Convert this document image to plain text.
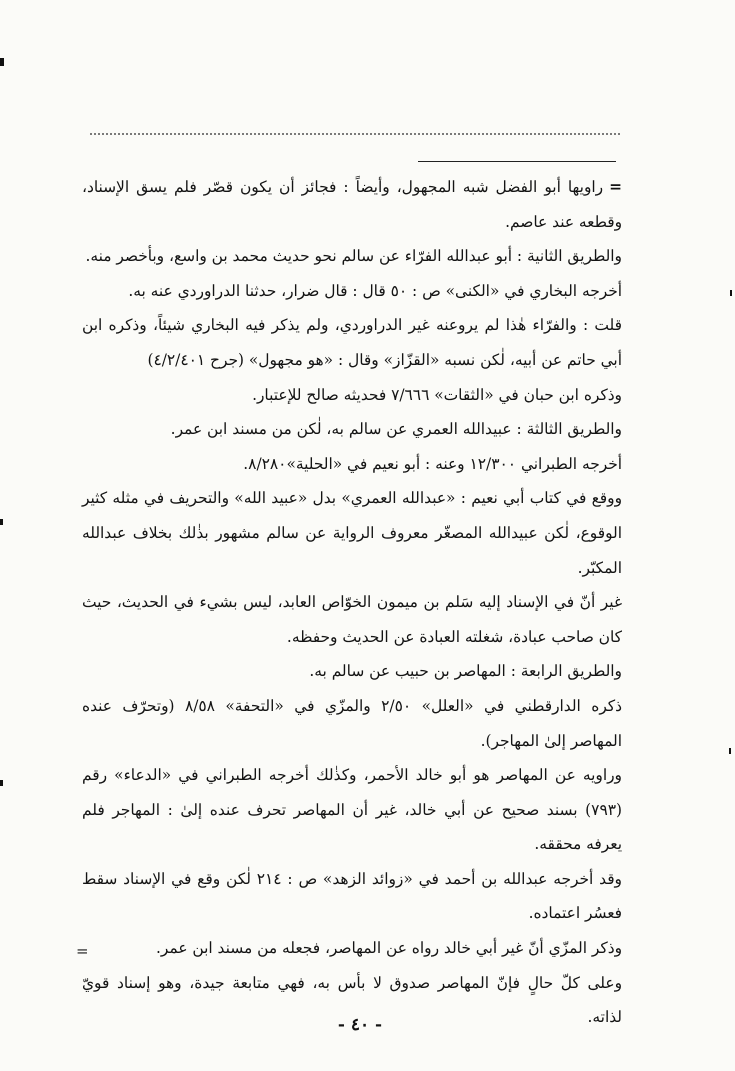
=راويها أبو الفضل شبه المجهول، وأيضاً : فجائز أن يكون قصّر فلم يسق الإسناد، وقطعه عند عاصم.

والطريق الثانية : أبو عبدالله الفرّاء عن سالم نحو حديث محمد بن واسع، وبأخصر منه.

أخرجه البخاري في «الكنى» ص : ٥٠ قال : قال ضرار، حدثنا الدراوردي عنه به.

قلت : والفرّاء هٰذا لم يروعنه غير الدراوردي، ولم يذكر فيه البخاري شيئاً، وذكره ابن أبي حاتم عن أبيه، لٰكن نسبه «القزّاز» وقال : «هو مجهول» (جرح ٤/٢/٤٠١)

وذكره ابن حبان في «الثقات» ٧/٦٦٦ فحديثه صالح للإعتبار.

والطريق الثالثة : عبيدالله العمري عن سالم به، لٰكن من مسند ابن عمر.

أخرجه الطبراني ١٢/٣٠٠ وعنه : أبو نعيم في «الحلية»٨/٢٨٠.

ووقع في كتاب أبي نعيم : «عبدالله العمري» بدل «عبيد الله» والتحريف في مثله كثير الوقوع، لٰكن عبيدالله المصغّر معروف الرواية عن سالم مشهور بذٰلك بخلاف عبدالله المكبّر.

غير أنّ في الإسناد إليه سَلم بن ميمون الخوّاص العابد، ليس بشيء في الحديث، حيث كان صاحب عبادة، شغلته العبادة عن الحديث وحفظه.

والطريق الرابعة : المهاصر بن حبيب عن سالم به.

ذكره الدارقطني في «العلل» ٢/٥٠ والمزّي في «التحفة» ٨/٥٨ (وتحرّف عنده المهاصر إلىٰ المهاجر).

وراويه عن المهاصر هو أبو خالد الأحمر، وكذٰلك أخرجه الطبراني في «الدعاء» رقم (٧٩٣) بسند صحيح عن أبي خالد، غير أن المهاصر تحرف عنده إلىٰ : المهاجر فلم يعرفه محققه.

وقد أخرجه عبدالله بن أحمد في «زوائد الزهد» ص : ٢١٤ لٰكن وقع في الإسناد سقط فعسُر اعتماده.

وذكر المزّي أنّ غير أبي خالد رواه عن المهاصر، فجعله من مسند ابن عمر.

وعلى كلّ حالٍ فإنّ المهاصر صدوق لا بأس به، فهي متابعة جيدة، وهو إسناد قويّ لذاته.

=
- ٤٠ -
